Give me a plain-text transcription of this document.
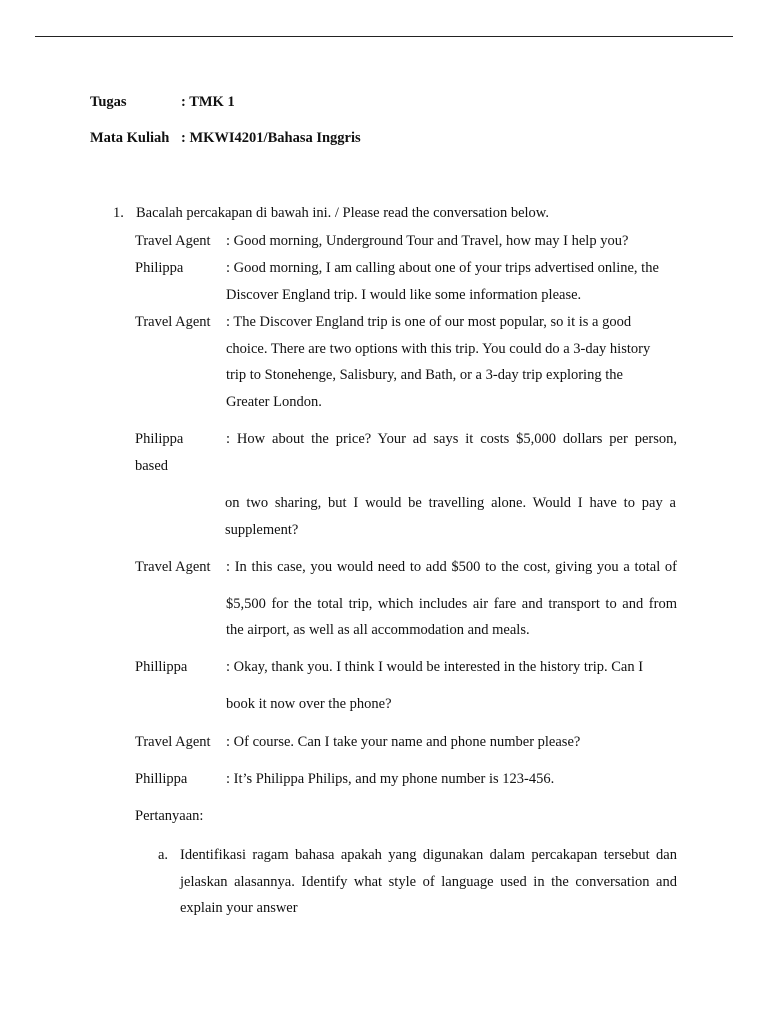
Tugas	: TMK 1
Mata Kuliah : MKWI4201/Bahasa Inggris
1. Bacalah percakapan di bawah ini. / Please read the conversation below.
Travel Agent : Good morning, Underground Tour and Travel, how may I help you?
Philippa	: Good morning, I am calling about one of your trips advertised online, the
Discover England trip. I would like some information please.
Travel Agent : The Discover England trip is one of our most popular, so it is a good
choice. There are two options with this trip. You could do a 3-day history
trip to Stonehenge, Salisbury, and Bath, or a 3-day trip exploring the
Greater London.
Philippa	: How about the price? Your ad says it costs $5,000 dollars per person,
based
on two sharing, but I would be travelling alone. Would I have to pay a
supplement?
Travel Agent : In this case, you would need to add $500 to the cost, giving you a total of
$5,500 for the total trip, which includes air fare and transport to and from
the airport, as well as all accommodation and meals.
Phillippa	: Okay, thank you. I think I would be interested in the history trip. Can I
book it now over the phone?
Travel Agent : Of course. Can I take your name and phone number please?
Phillippa	: It’s Philippa Philips, and my phone number is 123-456.
Pertanyaan:
a. Identifikasi ragam bahasa apakah yang digunakan dalam percakapan tersebut dan
jelaskan alasannya. Identify what style of language used in the conversation and
explain your answer
